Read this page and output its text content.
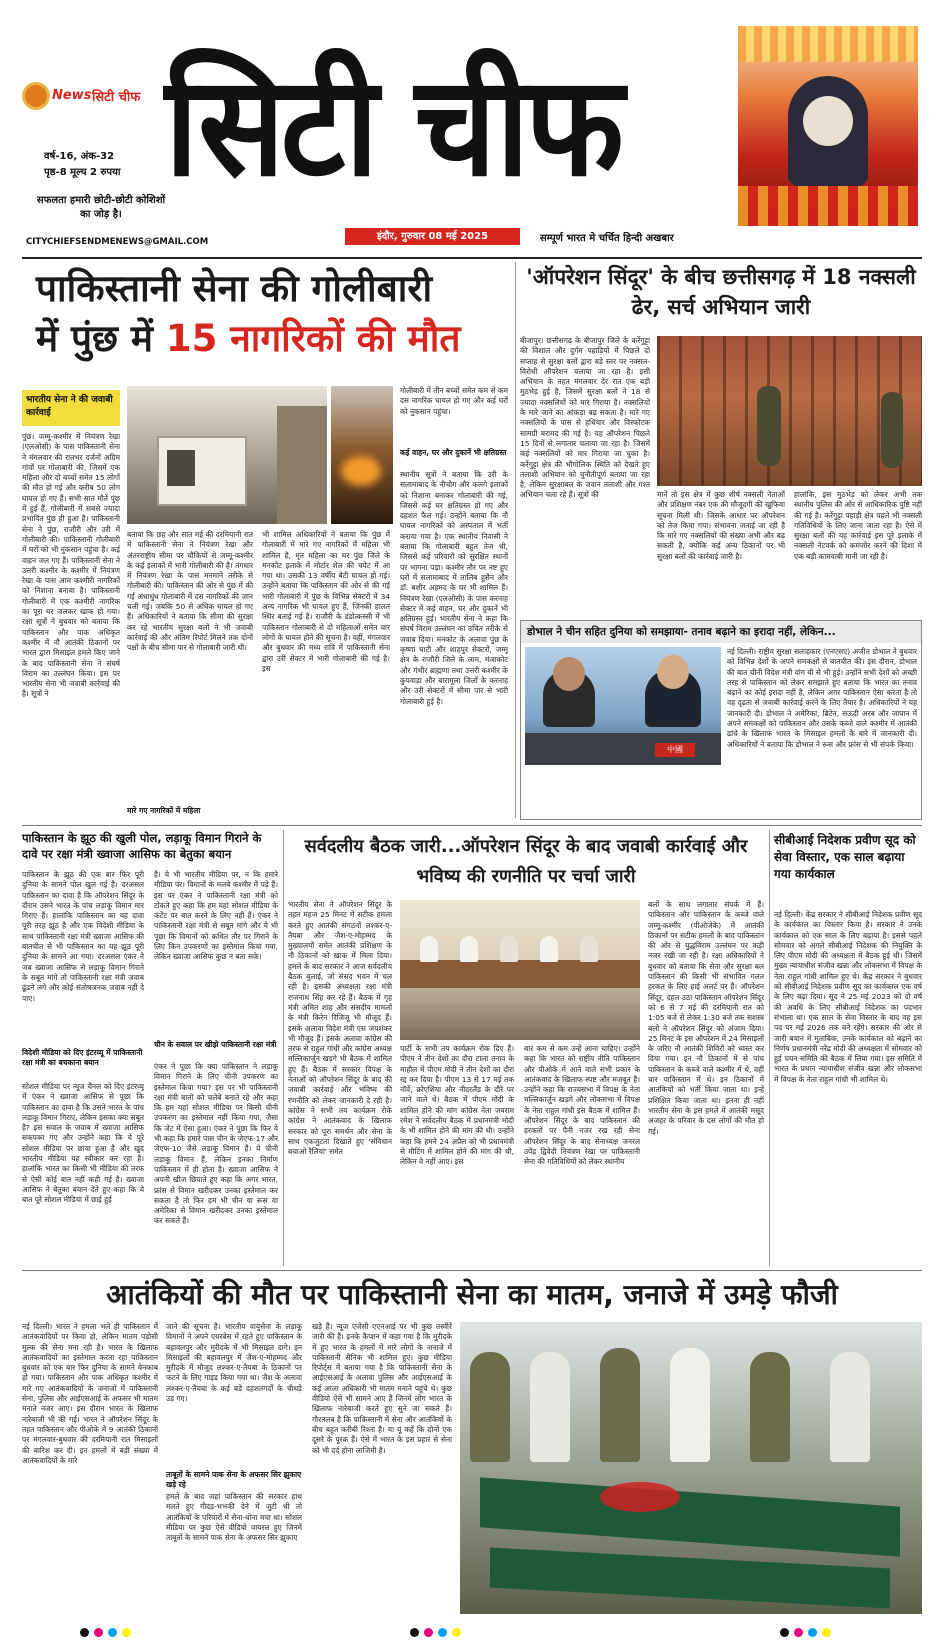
News सिटी चीफ सिटी चीफ
वर्ष-16, अंक-32
पृष्ठ-8 मूल्य 2 रुपया
सफलता हमारी छोटी-छोटी कोशिशों का जोड़ है।
CITYCHIEFSENDMENEWS@GMAIL.COM	इंदौर, गुरुवार 08 मई 2025	सम्पूर्ण भारत मे चर्चित हिन्दी अखबार
पाकिस्तानी सेना की गोलीबारी
में पुंछ में 15 नागरिकों की मौत
भारतीय सेना ने की जवाबी कार्रवाई
पुंछ। जम्मू-कश्मीर में नियंत्रण रेखा (एलओसी) के पास पाकिस्तानी सेना ने मंगलवार की रातभर दर्जनों अग्रिम गांवों पर गोलाबारी की, जिसमें एक महिला और दो बच्चों समेत 15 लोगों की मौत हो गई और करीब 50 लोग घायल हो गए हैं। सभी सात मौतें पुंछ में हुई हैं, गोलीबारी में सबसे ज्यादा प्रभावित पुंछ ही हुआ है। पाकिस्तानी सेना ने पुंछ, राजौरी और उरी में गोलीबारी की। पाकिस्तानी गोलीबारी में घरों को भी नुकसान पहुंचा है। कई वाहन जल गए हैं। पाकिस्तानी सेना ने उत्तरी कश्मीर के कश्मीर में नियंत्रण रेखा के पास आम कश्मीरी नागरिकों को निशाना बनाया है। पाकिस्तानी गोलीबारी में एक कश्मीरी नागरिक का पूरा घर जलकर खाक हो गया। रक्षा सूत्रों ने बुधवार को बताया कि पाकिस्तान और पाक अधिकृत कश्मीर में नौ आतंकी ठिकानों पर भारत द्वारा मिसाइल हमले किए जाने के बाद पाकिस्तानी सेना ने संघर्ष विराम का उल्लंघन किया। इस पर भारतीय सेना भी जवाबी कार्रवाई की है। सूत्रों ने
बताया कि छह और सात मई की दरमियानी रात में पाकिस्तानी सेना ने नियंत्रण रेखा और अंतरराष्ट्रीय सीमा पर चौकियों से जम्मू-कश्मीर के कई इलाकों में भारी गोलीबारी की है। तंगधार में नियंत्रण रेखा के पास मनमाने तरीके से गोलीबारी की। पाकिस्तान की ओर से पुंछ में की गई अंधाधुंध गोलाबारी में दस नागरिकों की जान चली गई। जबकि 50 से अधिक घायल हो गए हैं। अधिकारियों ने बताया कि सीमा की सुरक्षा कर रहे भारतीय सुरक्षा बलों ने भी जवाबी कार्रवाई की और अंतिम रिपोर्ट मिलने तक दोनों पक्षों के बीच सीमा पार से गोलाबारी जारी थी।
मारे गए नागरिकों में महिला
भी शामिल अधिकारियों ने बताया कि पुंछ में गोलाबारी में मारे गए नागरिकों में महिला भी शामिल है, मृत महिला का घर पुंछ जिले के मनकोट इलाके में मोर्टार शेल की चपेट में आ गया था। उसकी 13 वर्षीय बेटी घायल हो गई। उन्होंने बताया कि पाकिस्तान की ओर से की गई भारी गोलाबारी में पुंछ के विभिन्न सेक्टरों में 34 अन्य नागरिक भी घायल हुए हैं, जिनकी हालत स्थिर बताई गई है। राजौरी के डंडोत्कस्सी में भी पाकिस्तान गोलाबारी से दो महिलाओं समेत चार लोगों के घायल होने की सूचना है। वहीं, मंगलवार और बुधवार की मध्य रात्रि में पाकिस्तानी सेना द्वारा उरी सेक्टर में भारी गोलाबारी की गई है। इस
गोलीबारी में तीन बच्चों समेत कम से कम दस नागरिक घायल हो गए और कई घरों को नुकसान पहुंचा।
कई वाहन, घर और दुकानें भी क्षतिग्रस्त
स्थानीय सूत्रों ने बताया कि उरी के सलामाबाद के नीचोग और कलगे इलाकों को निशाना बनाकर गोलाबारी की गई, जिससे कई घर क्षतिग्रस्त हो गए और दहशत फैल गई। उन्होंने बताया कि नौ घायल नागरिकों को अस्पताल में भर्ती कराया गया है। एक स्थानीय निवासी ने बताया कि गोलाबारी बहुत तेज थी, जिससे कई परिवारों को सुरक्षित स्थानों पर भागना पड़ा। कश्मीर तौर पर नष्ट हुए घरों में सलामाबाद में तालिब हुसैन और डॉ. बशीर अहमद के घर भी शामिल हैं। नियंत्रण रेखा (एलओसी) के पास करनाह सेक्टर में कई वाहन, घर और दुकानें भी क्षतिग्रस्त हुई। भारतीय सेना ने कहा कि संघर्ष विराम उल्लंघन का उचित तरीके से जवाब दिया। मनकोट के अलावा पुंछ के कृष्णा घाटी और शाहपुर सेक्टरों, जम्मू क्षेत्र के राजौरी जिले के लाम, मंजाकोट और गंभीर ब्राह्मणा तथा उत्तरी कश्मीर के कुपवाड़ा और बारामूला जिलों के करनाह और उरी सेक्टरों में सीमा पार से भारी गोलाबारी हुई है।
'ऑपरेशन सिंदूर' के बीच छत्तीसगढ़ में 18 नक्सली ढेर, सर्च अभियान जारी
बीजापुर। छत्तीसगढ़ के बीजापुर जिले के कर्रेगुट्टा की विशाल और दुर्गम पहाड़ियों में पिछले दो सप्ताह से सुरक्षा बलों द्वारा बड़े स्तर पर नक्सल-विरोधी ऑपरेशन चलाया जा रहा है। इसी अभियान के तहत मंगलवार देर रात एक बड़ी मुठभेड़ हुई है, जिसमें सुरक्षा बलों ने 18 से ज्यादा नक्सलियों को मार गिराया है। नक्सलियों के मारे जाने का आंकड़ा बढ़ सकता है। मारे गए नक्सलियों के पास से हथियार और विस्फोटक सामग्री बरामद की गई है। यह ऑपरेशन पिछले 15 दिनों से लगातार चलाया जा रहा है। जिसमें कई नक्सलियों को मार गिराया जा चुका है। कर्रेगुट्टा क्षेत्र की भौगोलिक स्थिति को देखते हुए तलाशी अभियान को चुनौतीपूर्ण बताया जा रहा है, लेकिन सुरक्षाबल के जवान तलाशी और गश्त अभियान चला रहे हैं। सूत्रों की	मानें तो इस क्षेत्र में कुछ शीर्ष नक्सली नेताओं और प्रशिक्षण नंबर एक की मौजूदगी की खुफिया सूचना मिली थी। जिसके आधार पर ऑपरेशन को तेज किया गया। संभावना जताई जा रही है कि मारे गए नक्सलियों की संख्या अभी और बढ़ सकती है, क्योंकि कई अन्य ठिकानों पर भी सुरक्षा बलों की कार्रवाई जारी है।
हालांकि, इस मुठभेड़ को लेकर अभी तक स्थानीय पुलिस की ओर से आधिकारिक पुष्टि नहीं की गई है। कर्रेगुट्टा पहाड़ी क्षेत्र पहले भी नक्सली गतिविधियों के लिए जाना जाता रहा है। ऐसे में सुरक्षा बलों की यह कार्रवाई इस पूरे इलाके में नक्सली नेटवर्क को कमजोर करने की दिशा में एक बड़ी कामयाबी मानी जा रही है।
डोभाल ने चीन सहित दुनिया को समझाया- तनाव बढ़ाने का इरादा नहीं, लेकिन...
中國
नई दिल्ली। राष्ट्रीय सुरक्षा सलाहकार (एनएसए) अजीत डोभाल ने बुधवार को विभिन्न देशों के अपने समकक्षों से बातचीत की। इस दौरान, डोभाल की बात चीनी विदेश मंत्री वांग यी से भी हुई। उन्होंने सभी देशों को अच्छी तरह से पाकिस्तान को लेकर समझाते हुए बताया कि भारत का तनाव बढ़ाने का कोई इरादा नहीं है, लेकिन अगर पाकिस्तान ऐसा करता है तो वह दृढ़ता से जवाबी कार्रवाई करने के लिए तैयार है। अधिकारियों ने यह जानकारी दी। डोभाल ने अमेरिका, ब्रिटेन, सऊदी अरब और जापान में अपने समकक्षों को पाकिस्तान और उसके कब्जे वाले कश्मीर में आतंकी ढांचे के खिलाफ भारत के मिसाइल हमलों के बारे में जानकारी दी। अधिकारियों ने बताया कि डोभाल ने रूस और फ्रांस से भी संपर्क किया।
पाकिस्तान के झूठ की खुली पोल, लड़ाकू विमान गिराने के दावे पर रक्षा मंत्री ख्वाजा आसिफ का बेतुका बयान
पाकिस्तान के झूठ की एक बार फिर पूरी दुनिया के सामने पोल खुल गई है। दरअसल पाकिस्तान का दावा है कि ऑपरेशन सिंदूर के दौरान उसने भारत के पांच लड़ाकू विमान मार गिराए हैं। हालांकि पाकिस्तान का यह दावा पूरी तरह झूठ है और एक विदेशी मीडिया के साथ पाकिस्तानी रक्षा मंत्री ख्वाजा आसिफ की बातचीत से भी पाकिस्तान का यह झूठ पूरी दुनिया के सामने आ गया। दरअसल एंकर ने जब ख्वाजा आसिफ से लड़ाकू विमान गिराने के सबूत मांगे तो पाकिस्तानी रक्षा मंत्री जवाब ढूंढने लगे और कोई संतोषजनक जवाब नहीं दे पाए।
विदेशी मीडिया को दिए इंटरव्यू में पाकिस्तानी रक्षा मंत्री का बचकाना बयान
सोशल मीडिया पर न्यूज चैनल को दिए इंटरव्यू में एंकर ने ख्वाजा आसिफ से पूछा कि पाकिस्तान का दावा है कि उसने भारत के पांच लड़ाकू विमान गिराए, लेकिन इसका क्या सबूत है? इस सवाल के जवाब में ख्वाजा आसिफ सकपका गए और उन्होंने कहा कि ये पूरे सोशल मीडिया पर छाया हुआ है और खुद भारतीय मीडिया यह स्वीकार कर रहा है। हालांकि भारत का किसी भी मीडिया की तरफ से ऐसी कोई बात नहीं कही गई है। ख्वाजा आसिफ ने बेतुका बयान देते हुए कहा कि ये बात पूरे सोशल मीडिया में छाई हुई
है। ये भी भारतीय मीडिया पर, न कि हमारे मीडिया पर। विमानों के मलबे कश्मीर में पड़े हैं। इस पर एंकर ने पाकिस्तानी रक्षा मंत्री को टोकते हुए कहा कि हम यहां सोशल मीडिया के कंटेंट पर बात करने के लिए नहीं हैं। एंकर ने पाकिस्तानी रक्षा मंत्री से सबूत मांगे और ये भी पूछा कि विमानों को कथित तौर पर गिराने के लिए किन उपकरणों का इस्तेमाल किया गया, लेकिन ख्वाजा आसिफ कुछ न बता सके।
चीन के सवाल पर खीझे पाकिस्तानी रक्षा मंत्री
एंकर ने पूछा कि क्या पाकिस्तान ने लड़ाकू विमान गिराने के लिए चीनी उपकरण का इस्तेमाल किया गया? इस पर भी पाकिस्तानी रक्षा मंत्री बातों को चलेबे बनाते रहे और कहा कि हम यहां सोशल मीडिया पर किसी चीनी उपकरण का इस्तेमाल नहीं किया गया, जैसा कि जेट में ऐसा हुआ। एंकर ने पूछा कि फिर ये भी कहा कि हमारे पास चीन के जेएफ-17 और जेएफ-10 जैसे लड़ाकू विमान हैं। ये चीनी लड़ाकू विमान हैं, लेकिन इनका निर्माण पाकिस्तान में ही होता है। ख्वाजा आसिफ ने अपनी खीज छिपाते हुए कहा कि अगर भारत, फ्रांस से विमान खरीदकर उनका इस्तेमाल कर सकता है तो फिर हम भी चीन या रूस या अमेरिका से विमान खरीदकर उनका इस्तेमाल कर सकते हैं।
सर्वदलीय बैठक जारी...ऑपरेशन सिंदूर के बाद जवाबी कार्रवाई और भविष्य की रणनीति पर चर्चा जारी
भारतीय सेना ने ऑपरेशन सिंदूर के तहत महज 25 मिनट में सटीक हमला करते हुए आतंकी संगठनों लश्कर-ए-तैयबा और जैश-ए-मोहम्मद के मुख्यालयों समेत आतंकी प्रशिक्षण के नौ ठिकानों को खाक में मिला दिया। हमले के बाद सरकार ने आज सर्वदलीय बैठक बुलाई, जो संसद भवन में चल रही है। इसकी अध्यक्षता रक्षा मंत्री राजनाथ सिंह कर रहे हैं। बैठक में गृह मंत्री अमित शाह और संसदीय मामलों के मंत्री किरेन रिजिजू भी मौजूद हैं। इसके अलावा विदेश मंत्री एस जयशंकर भी मौजूद हैं। इसके अलावा कांग्रेस की तरफ से राहुल गांधी और कांग्रेस अध्यक्ष मल्लिकार्जुन खड़गे भी बैठक में शामिल हुए हैं। बैठक में सरकार विपक्ष के नेताओं को ऑपरेशन सिंदूर के बाद की जवाबी कार्रवाई और भविष्य की रणनीति को लेकर जानकारी दे रही है। कांग्रेस ने सभी तय कार्यक्रम रोके कांग्रेस ने आतंकवाद के खिलाफ सरकार को पूरा समर्थन और सेना के साथ एकजुटता दिखाते हुए 'संविधान बचाओ रैलियां' समेत
पार्टी के सभी तय कार्यक्रम रोक दिए हैं। पीएम ने तीन देशों का दौरा टाला तनाव के माहौल में पीएम मोदी ने तीन देशों का दौरा रद्द कर दिया है। पीएम 13 से 17 मई तक नॉर्वे, क्रोएशिया और नीदरलैंड के दौरे पर जाने वाले थे। बैठक में पीएम मोदी के शामिल होने की मांग कांग्रेस नेता जयराम रमेश ने सर्वदलीय बैठक में प्रधानमंत्री मोदी के भी शामिल होने की मांग की थी। उन्होंने कहा कि हमने 24 अप्रैल को भी प्रधानमंत्री से मीटिंग में शामिल होने की मांग की थी, लेकिन वे नहीं आए। इस
बार कम से कम उन्हें आना चाहिए। उन्होंने कहा कि भारत को राष्ट्रीय नीति पाकिस्तान और पीओके में आने वाले सभी प्रकार के आतंकवाद के खिलाफ स्पष्ट और मजबूत है। उन्होंने कहा कि राज्यसभा में विपक्ष के नेता मल्लिकार्जुन खड़गे और लोकसभा में विपक्ष के नेता राहुल गांधी इस बैठक में शामिल हैं। ऑपरेशन सिंदूर के बाद पाकिस्तान की हरकतों पर पैनी नजर रख रही सेना ऑपरेशन सिंदूर के बाद सेनाध्यक्ष जनरल उपेंद्र द्विवेदी नियंत्रण रेखा पर पाकिस्तानी सेना की गतिविधियों को लेकर स्थानीय
बलों के साथ लगातार संपर्क में हैं। पाकिस्तान और पाकिस्तान के कब्जे वाले जम्मू-कश्मीर (पीओजेके) में आतंकी ठिकानों पर सटीक हमलों के बाद पाकिस्तान की ओर से युद्धविराम उल्लंघन पर कड़ी नजर रखी जा रही है। रक्षा अधिकारियों ने बुधवार को बताया कि सेना और सुरक्षा बल पाकिस्तान की किसी भी संभावित गलत हरकत के लिए हाई अलर्ट पर हैं। ऑपरेशन सिंदूर, दहल उठा पाकिस्तान ऑपरेशन सिंदूर को 6 से 7 मई की दरमियानी रात को 1:05 बजे से लेकर 1:30 बजे तक सशस्त्र बलों ने ऑपरेशन सिंदूर को अंजाम दिया। 25 मिनट के इस ऑपरेशन में 24 मिसाइलों के जरिए नौ आतंकी शिविरों को ध्वस्त कर दिया गया। इन नौ ठिकानों में से पांच पाकिस्तान के कब्जे वाले कश्मीर में थे, वहीं चार पाकिस्तान में थे। इन ठिकानों में आतंकियों को भर्ती किया जाता था। इन्हें प्रशिक्षित किया जाता था। इतना ही नहीं भारतीय सेना के इस हमले में आतंकी मसूद अजहर के परिवार के दस लोगों की मौत हो गई।
सीबीआई निदेशक प्रवीण सूद को सेवा विस्तार, एक साल बढ़ाया गया कार्यकाल
नई दिल्ली। केंद्र सरकार ने सीबीआई निदेशक प्रवीण सूद के कार्यकाल का विस्तार किया है। सरकार ने उनके कार्यकाल को एक साल के लिए बढ़ाया है। इससे पहले सोमवार को अगले सीबीआई निदेशक की नियुक्ति के लिए पीएम मोदी की अध्यक्षता में बैठक हुई थी। जिसमें मुख्य न्यायाधीश संजीव खन्ना और लोकसभा में विपक्ष के नेता राहुल गांधी शामिल हुए थे। केंद्र सरकार ने बुधवार को सीबीआई निदेशक प्रवीण सूद का कार्यकाल एक वर्ष के लिए बढ़ा दिया। सूद ने 25 मई 2023 को दो वर्ष की अवधि के लिए सीबीआई निदेशक का पदभार संभाला था। एक साल के सेवा विस्तार के बाद वह इस पद पर मई 2026 तक बने रहेंगे। सरकार की ओर से जारी बयान में मुताबिक, उनके कार्यकाल को बढ़ाने का निर्णय प्रधानमंत्री नरेंद्र मोदी की अध्यक्षता में सोमवार को हुई चयन समिति की बैठक में लिया गया। इस समिति में भारत के प्रधान न्यायाधीश संजीव खन्ना और लोकसभा में विपक्ष के नेता राहुल गांधी भी शामिल थे।
आतंकियों की मौत पर पाकिस्तानी सेना का मातम, जनाजे में उमड़े फौजी
नई दिल्ली। भारत ने हमला भले ही पाकिस्तान में आतंकवादियों पर किया हो, लेकिन मातम पड़ोसी मुल्क की सेना मना रही है। भारत के खिलाफ आतंकवादियों का इस्तेमाल करता रहा पाकिस्तान बुधवार को एक बार फिर दुनिया के सामने बेनकाब हो गया। पाकिस्तान और पाक अधिकृत कश्मीर में मारे गए आतंकवादियों के जनाजों में पाकिस्तानी सेना, पुलिस और आईएसआई के अफसर भी मातम मनाते नजर आए। इस दौरान भारत के खिलाफ नारेबाजी भी की गई। भारत ने ऑपरेशन सिंदूर के तहत पाकिस्तान और पीओके में 9 आतंकी ठिकानों पर मंगलवार-बुधवार की दरमियानी रात मिसाइलों की बारिश कर दी। इन हमलों में बड़ी संख्या में आतंकवादियों के मारे
जाने की सूचना है। भारतीय वायुसेना के लड़ाकू विमानों ने अपने एयरबेस में रहते हुए पाकिस्तान के बहावलपुर और मुरीदके में भी मिसाइल दागे। इन मिसाइलों की बहावलपुर में जैश-ए-मोहम्मद और मुरीदके में मौजूद लश्कर-ए-तैयबा के ठिकानों पर फटने के लिए गाइड किया गया था। जैश के अलावा लश्कर-ए-तैयबा के कई बड़े दहशतगर्दों के चीथड़े उड़ गए।
ताबूतों के सामने पाक सेना के अफसर सिर झुकाए खड़े रहे
हमले के बाद जहां पाकिस्तान की सरकार हाथ मलते हुए गीदड़-भभकी देने में जुटी थी तो आतंकियों के परिवारों में सेना-धोना मचा था। सोशल मीडिया पर कुछ ऐसे वीडियो वायरल हुए जिनमें ताबूतों के सामने पाक सेना के अफसर सिर झुकाए
खड़े हैं। न्यूज एजेंसी एएनआई पर भी कुछ तस्वीरें जारी की हैं। इनके कैप्शन में कहा गया है कि मुरीदके में हुए भारत के हमलों में मारे लोगों के जनाजे में पाकिस्तानी सैनिक भी शामिल हुए। कुछ मीडिया रिपोर्ट्स में बताया गया है कि पाकिस्तानी सेना के आईएसआई के अलावा पुलिस और आईएसआई के कई आला अधिकारी भी मातम मनाने पहुंचे थे। कुछ वीडियो ऐसे भी सामने आए हैं जिनमें लोग भारत के खिलाफ नारेबाजी करते हुए सुने जा सकते हैं। गौरतलब है कि पाकिस्तानी में सेना और आतंकियों के बीच बहुत करीबी रिश्ता है। या यूं कहें कि दोनों एक दूसरे के पूरक हैं। ऐसे में भारत के इस प्रहार से सेना को भी दर्द होना लाजिमी है।
